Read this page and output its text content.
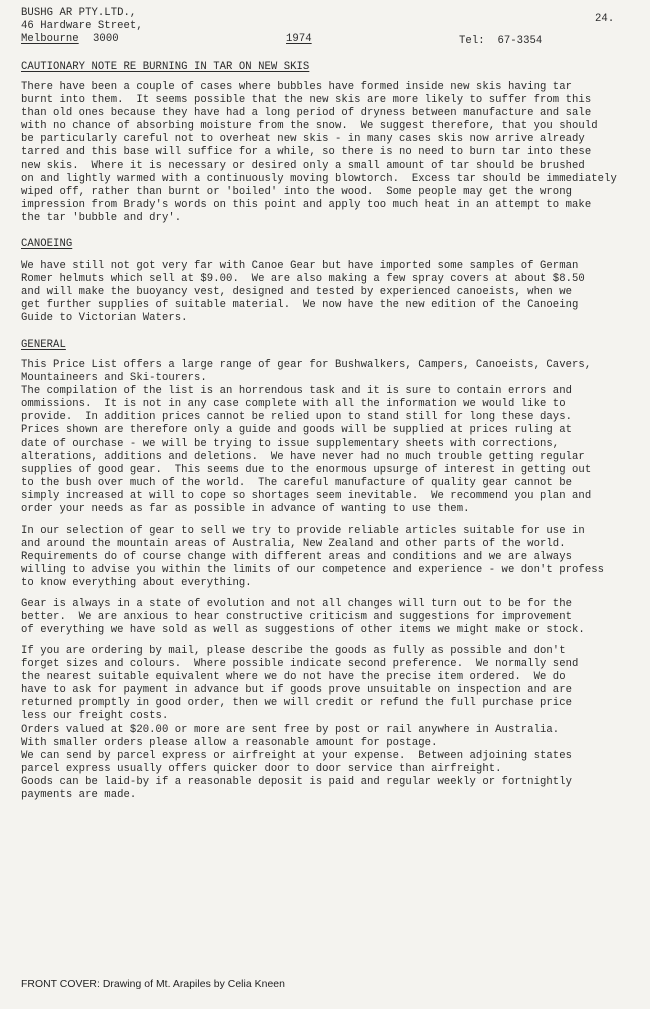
BUSHG AR PTY.LTD.,
46 Hardware Street,
Melbourne 3000	1974	Tel:  67-3354
24.
CAUTIONARY NOTE RE BURNING IN TAR ON NEW SKIS
There have been a couple of cases where bubbles have formed inside new skis having tar
burnt into them.  It seems possible that the new skis are more likely to suffer from this
than old ones because they have had a long period of dryness between manufacture and sale
with no chance of absorbing moisture from the snow.  We suggest therefore, that you should
be particularly careful not to overheat new skis - in many cases skis now arrive already
tarred and this base will suffice for a while, so there is no need to burn tar into these
new skis.  Where it is necessary or desired only a small amount of tar should be brushed
on and lightly warmed with a continuously moving blowtorch.  Excess tar should be immediately
wiped off, rather than burnt or 'boiled' into the wood.  Some people may get the wrong
impression from Brady's words on this point and apply too much heat in an attempt to make
the tar 'bubble and dry'.
CANOEING
We have still not got very far with Canoe Gear but have imported some samples of German
Romer helmuts which sell at $9.00.  We are also making a few spray covers at about $8.50
and will make the buoyancy vest, designed and tested by experienced canoeists, when we
get further supplies of suitable material.  We now have the new edition of the Canoeing
Guide to Victorian Waters.
GENERAL
This Price List offers a large range of gear for Bushwalkers, Campers, Canoeists, Cavers,
Mountaineers and Ski-tourers.
The compilation of the list is an horrendous task and it is sure to contain errors and
ommissions.  It is not in any case complete with all the information we would like to
provide.  In addition prices cannot be relied upon to stand still for long these days.
Prices shown are therefore only a guide and goods will be supplied at prices ruling at
date of ourchase - we will be trying to issue supplementary sheets with corrections,
alterations, additions and deletions.  We have never had no much trouble getting regular
supplies of good gear.  This seems due to the enormous upsurge of interest in getting out
to the bush over much of the world.  The careful manufacture of quality gear cannot be
simply increased at will to cope so shortages seem inevitable.  We recommend you plan and
order your needs as far as possible in advance of wanting to use them.
In our selection of gear to sell we try to provide reliable articles suitable for use in
and around the mountain areas of Australia, New Zealand and other parts of the world.
Requirements do of course change with different areas and conditions and we are always
willing to advise you within the limits of our competence and experience - we don't profess
to know everything about everything.
Gear is always in a state of evolution and not all changes will turn out to be for the
better.  We are anxious to hear constructive criticism and suggestions for improvement
of everything we have sold as well as suggestions of other items we might make or stock.
If you are ordering by mail, please describe the goods as fully as possible and don't
forget sizes and colours.  Where possible indicate second preference.  We normally send
the nearest suitable equivalent where we do not have the precise item ordered.  We do
have to ask for payment in advance but if goods prove unsuitable on inspection and are
returned promptly in good order, then we will credit or refund the full purchase price
less our freight costs.
Orders valued at $20.00 or more are sent free by post or rail anywhere in Australia.
With smaller orders please allow a reasonable amount for postage.
We can send by parcel express or airfreight at your expense.  Between adjoining states
parcel express usually offers quicker door to door service than airfreight.
Goods can be laid-by if a reasonable deposit is paid and regular weekly or fortnightly
payments are made.
FRONT COVER: Drawing of Mt. Arapiles by Celia Kneen
